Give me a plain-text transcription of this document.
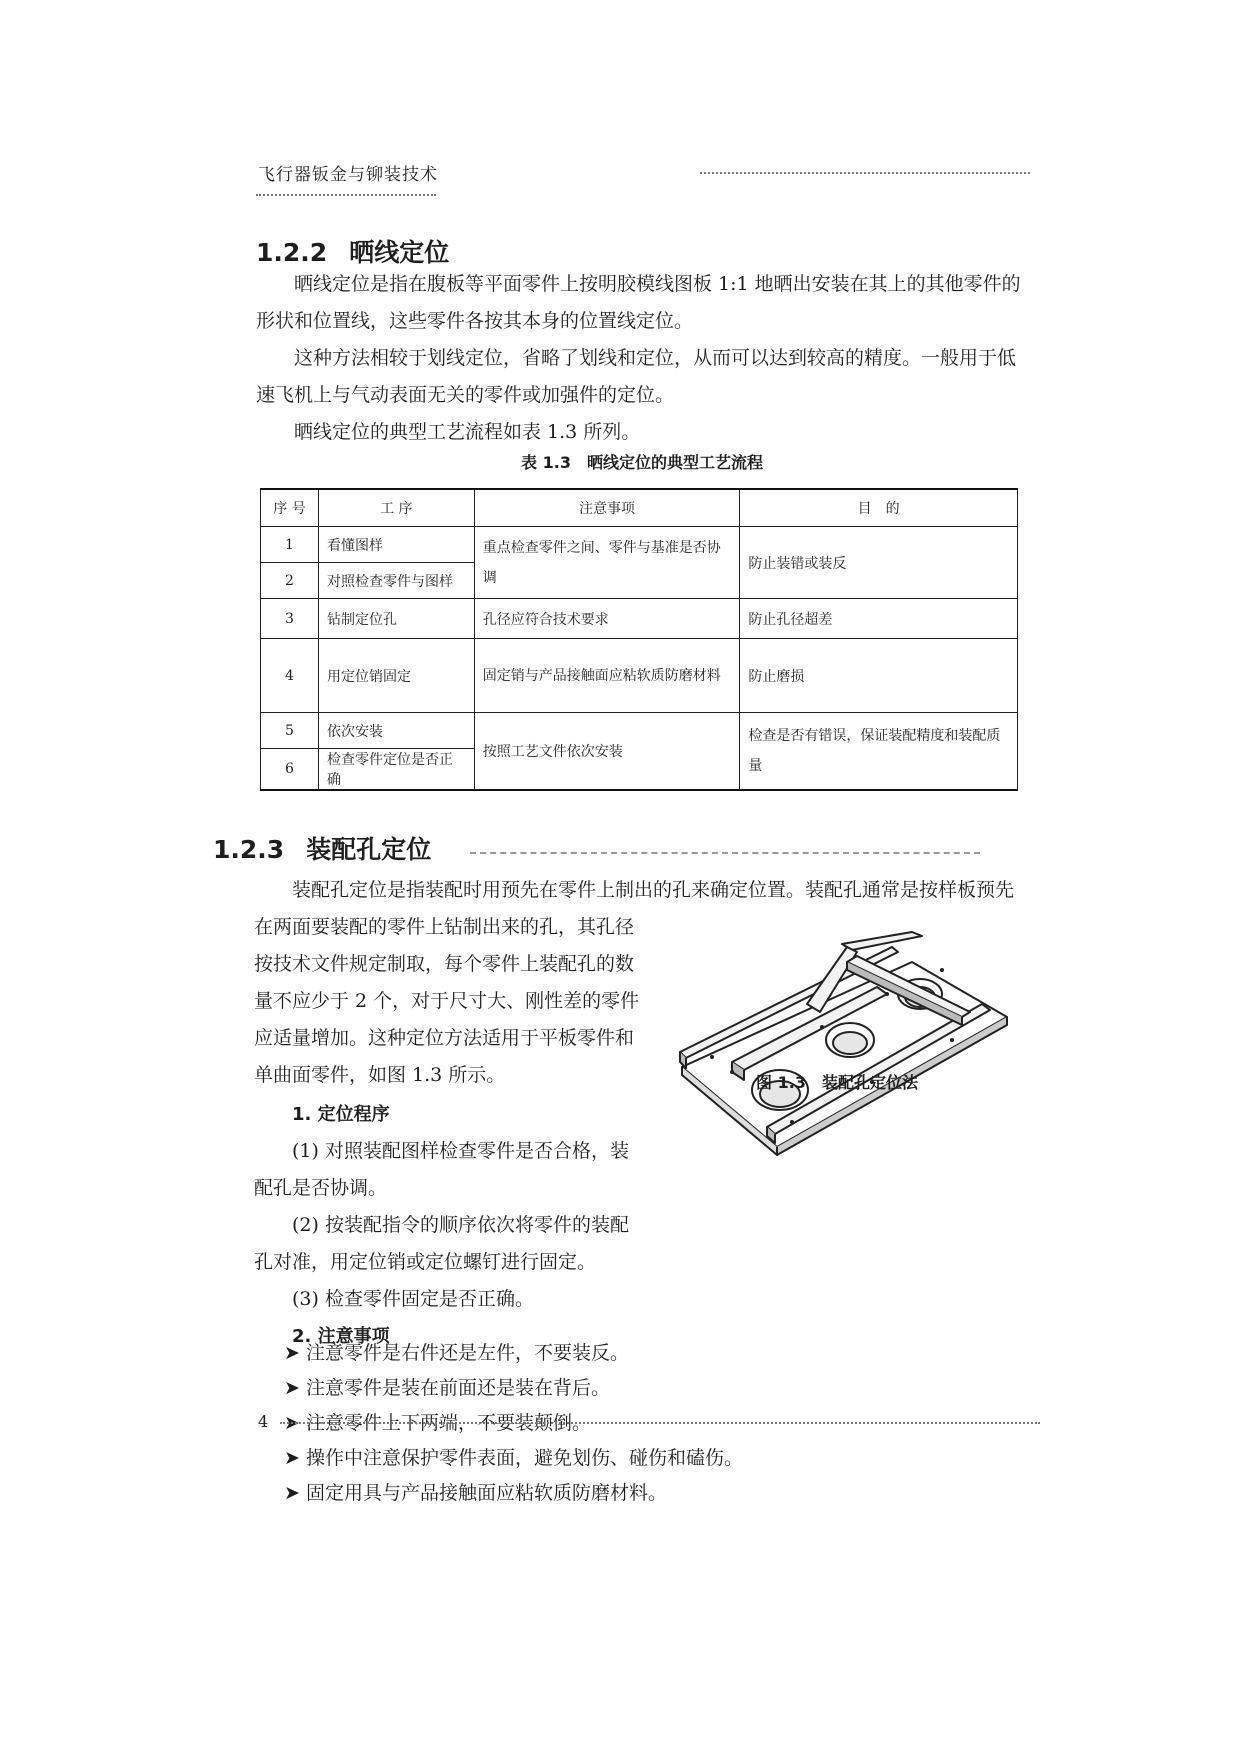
飞行器钣金与铆装技术
1.2.2 晒线定位

晒线定位是指在腹板等平面零件上按明胶模线图板 1:1 地晒出安装在其上的其他零件的形状和位置线，这些零件各按其本身的位置线定位。

这种方法相较于划线定位，省略了划线和定位，从而可以达到较高的精度。一般用于低速飞机上与气动表面无关的零件或加强件的定位。

晒线定位的典型工艺流程如表 1.3 所列。

表 1.3　晒线定位的典型工艺流程
序 号	工 序	注意事项	目　的
1	看懂图样	重点检查零件之间、零件与基准是否协调	防止装错或装反
2	对照检查零件与图样		
3	钻制定位孔	孔径应符合技术要求	防止孔径超差
4	用定位销固定	固定销与产品接触面应粘软质防磨材料	防止磨损
5	依次安装	按照工艺文件依次安装	检查是否有错误，保证装配精度和装配质量
6	检查零件定位是否正确		
1.2.3 装配孔定位

装配孔定位是指装配时用预先在零件上制出的孔来确定位置。装配孔通常是按样板预先

在两面要装配的零件上钻制出来的孔，其孔径按技术文件规定制取，每个零件上装配孔的数量不应少于 2 个，对于尺寸大、刚性差的零件应适量增加。这种定位方法适用于平板零件和单曲面零件，如图 1.3 所示。

1. 定位程序

(1) 对照装配图样检查零件是否合格，装配孔是否协调。

(2) 按装配指令的顺序依次将零件的装配孔对准，用定位销或定位螺钉进行固定。

(3) 检查零件固定是否正确。

2. 注意事项

➤ 注意零件是右件还是左件，不要装反。
➤ 注意零件是装在前面还是装在背后。
➤ 注意零件上下两端，不要装颠倒。
➤ 操作中注意保护零件表面，避免划伤、碰伤和磕伤。
➤ 固定用具与产品接触面应粘软质防磨材料。
图 1.3　装配孔定位法
4
